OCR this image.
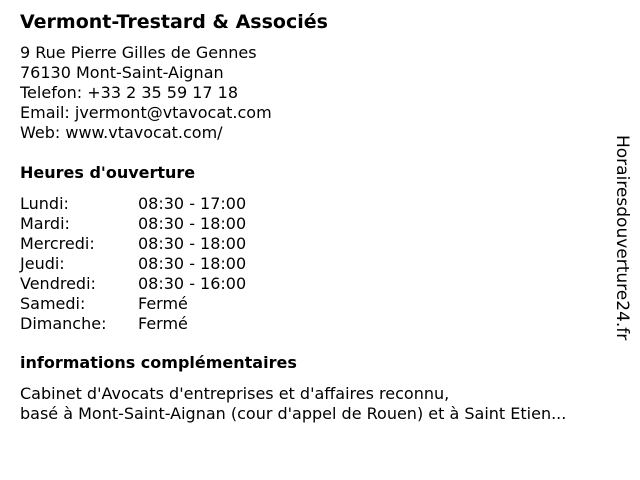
Vermont-Trestard & Associés
9 Rue Pierre Gilles de Gennes
76130 Mont-Saint-Aignan
Telefon: +33 2 35 59 17 18
Email: jvermont@vtavocat.com
Web: www.vtavocat.com/
Heures d'ouverture
Lundi:	08:30 - 17:00
Mardi:	08:30 - 18:00
Mercredi:	08:30 - 18:00
Jeudi:	08:30 - 18:00
Vendredi:	08:30 - 16:00
Samedi:	Fermé
Dimanche: Fermé
informations complémentaires
Cabinet d'Avocats d'entreprises et d'affaires reconnu,
basé à Mont-Saint-Aignan (cour d'appel de Rouen) et à Saint Etien...
Horairesdouverture24.fr
